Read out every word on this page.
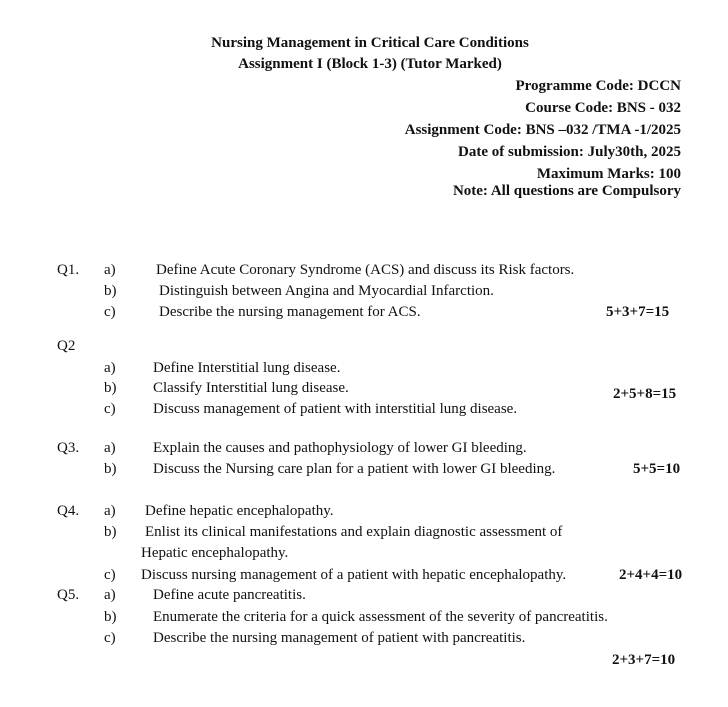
Nursing Management in Critical Care Conditions
Assignment I (Block 1-3) (Tutor Marked)
Programme Code: DCCN
Course Code: BNS - 032
Assignment Code: BNS –032 /TMA -1/2025
Date of submission: July30th, 2025
Maximum Marks: 100
Note: All questions are Compulsory
Q1. a)	Define Acute Coronary Syndrome (ACS) and discuss its Risk factors.
b)	Distinguish between Angina and Myocardial Infarction.
c)	Describe the nursing management for ACS.	5+3+7=15
Q2
a) Define Interstitial lung disease.
b) Classify Interstitial lung disease.
c) Discuss management of patient with interstitial lung disease.
2+5+8=15
Q3. a) Explain the causes and pathophysiology of lower GI bleeding.
b) Discuss the Nursing care plan for a patient with lower GI bleeding.	5+5=10
Q4. a) Define hepatic encephalopathy.
b) Enlist its clinical manifestations and explain diagnostic assessment of
Hepatic encephalopathy.
c) Discuss nursing management of a patient with hepatic encephalopathy.	2+4+4=10
Q5. a) Define acute pancreatitis.
b) Enumerate the criteria for a quick assessment of the severity of pancreatitis.
c) Describe the nursing management of patient with pancreatitis.
2+3+7=10
